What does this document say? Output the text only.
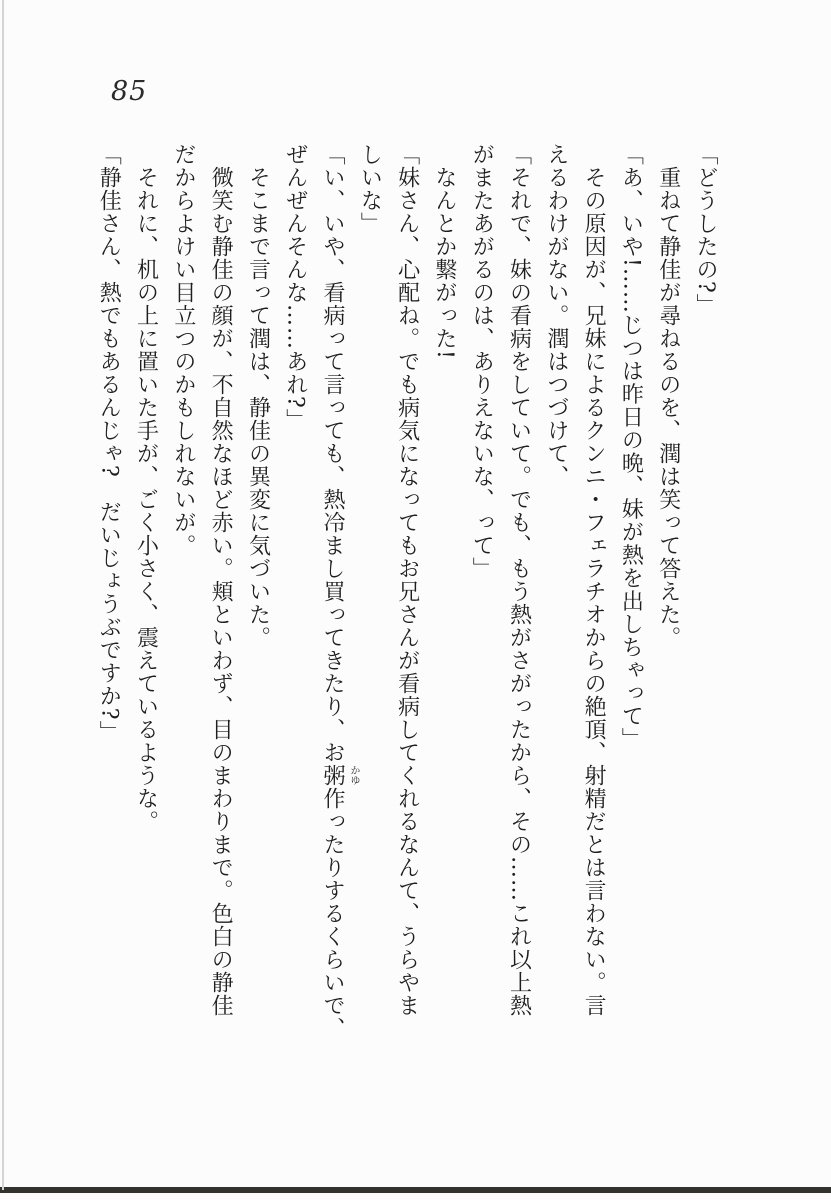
85

「どうしたの?」

重ねて静佳が尋ねるのを、潤は笑って答えた。

「あ、いや!……じつは昨日の晩、妹が熱を出しちゃって」

その原因が、兄妹によるクンニ・フェラチオからの絶頂、射精だとは言わない。言

えるわけがない。潤はつづけて、

「それで、妹の看病をしていて。でも、もう熱がさがったから、その……これ以上熱

がまたあがるのは、ありえないな、って」

なんとか繋がった!

「妹さん、心配ね。でも病気になってもお兄さんが看病してくれるなんて、うらやま

しいな」

「い、いや、看病って言っても、熱冷まし買ってきたり、お粥 かゆ
作ったりするくらいで、

ぜんぜんそんな……あれ?」

そこまで言って潤は、静佳の異変に気づいた。

微笑む静佳の顔が、不自然なほど赤い。頬といわず、目のまわりまで。色白の静佳

だからよけい目立つのかもしれないが。

それに、机の上に置いた手が、ごく小さく、震えているような。

「静佳さん、熱でもあるんじゃ?　だいじょうぶですか?」
